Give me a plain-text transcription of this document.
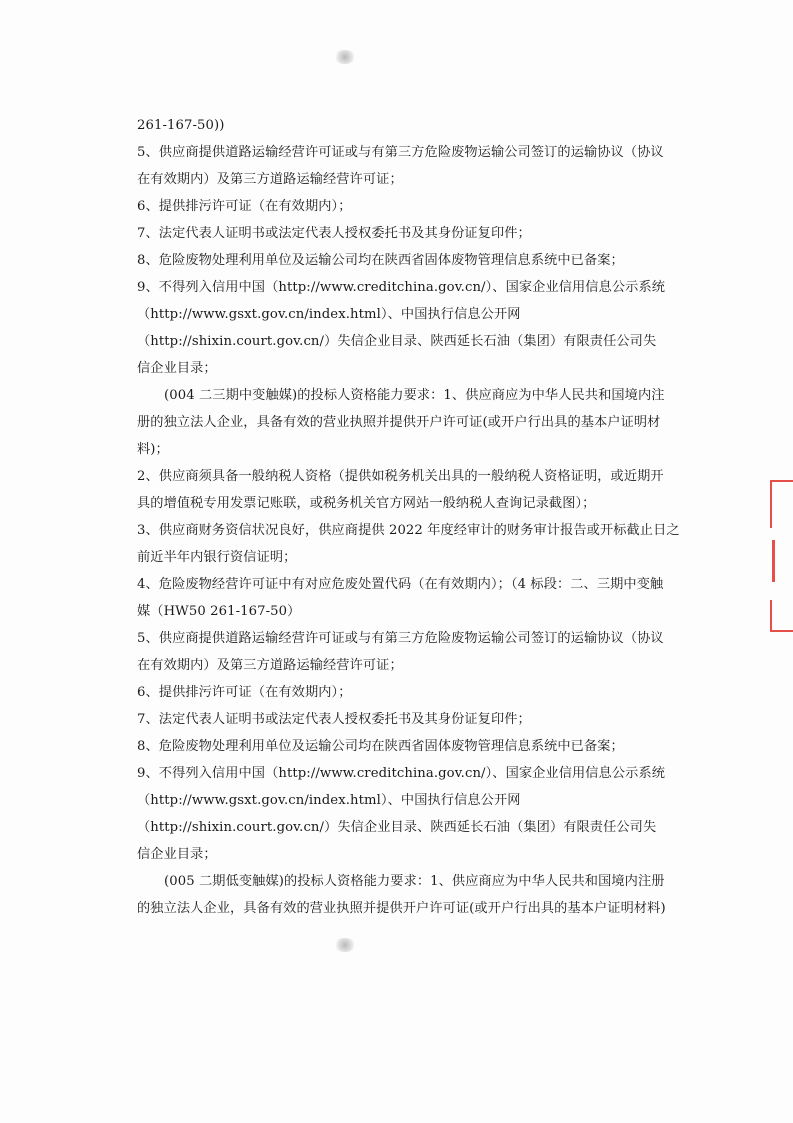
261-167-50))
5、供应商提供道路运输经营许可证或与有第三方危险废物运输公司签订的运输协议（协议
在有效期内）及第三方道路运输经营许可证；
6、提供排污许可证（在有效期内）；
7、法定代表人证明书或法定代表人授权委托书及其身份证复印件；
8、危险废物处理利用单位及运输公司均在陕西省固体废物管理信息系统中已备案；
9、不得列入信用中国（http://www.creditchina.gov.cn/）、国家企业信用信息公示系统
（http://www.gsxt.gov.cn/index.html）、中国执行信息公开网
（http://shixin.court.gov.cn/）失信企业目录、陕西延长石油（集团）有限责任公司失
信企业目录；
(004 二三期中变触媒)的投标人资格能力要求：1、供应商应为中华人民共和国境内注
册的独立法人企业，具备有效的营业执照并提供开户许可证(或开户行出具的基本户证明材
料)；
2、供应商须具备一般纳税人资格（提供如税务机关出具的一般纳税人资格证明，或近期开
具的增值税专用发票记账联，或税务机关官方网站一般纳税人查询记录截图）；
3、供应商财务资信状况良好，供应商提供 2022 年度经审计的财务审计报告或开标截止日之
前近半年内银行资信证明；
4、危险废物经营许可证中有对应危废处置代码（在有效期内）；（4 标段：二、三期中变触
媒（HW50 261-167-50）
5、供应商提供道路运输经营许可证或与有第三方危险废物运输公司签订的运输协议（协议
在有效期内）及第三方道路运输经营许可证；
6、提供排污许可证（在有效期内）；
7、法定代表人证明书或法定代表人授权委托书及其身份证复印件；
8、危险废物处理利用单位及运输公司均在陕西省固体废物管理信息系统中已备案；
9、不得列入信用中国（http://www.creditchina.gov.cn/）、国家企业信用信息公示系统
（http://www.gsxt.gov.cn/index.html）、中国执行信息公开网
（http://shixin.court.gov.cn/）失信企业目录、陕西延长石油（集团）有限责任公司失
信企业目录；
(005 二期低变触媒)的投标人资格能力要求：1、供应商应为中华人民共和国境内注册
的独立法人企业，具备有效的营业执照并提供开户许可证(或开户行出具的基本户证明材料)
